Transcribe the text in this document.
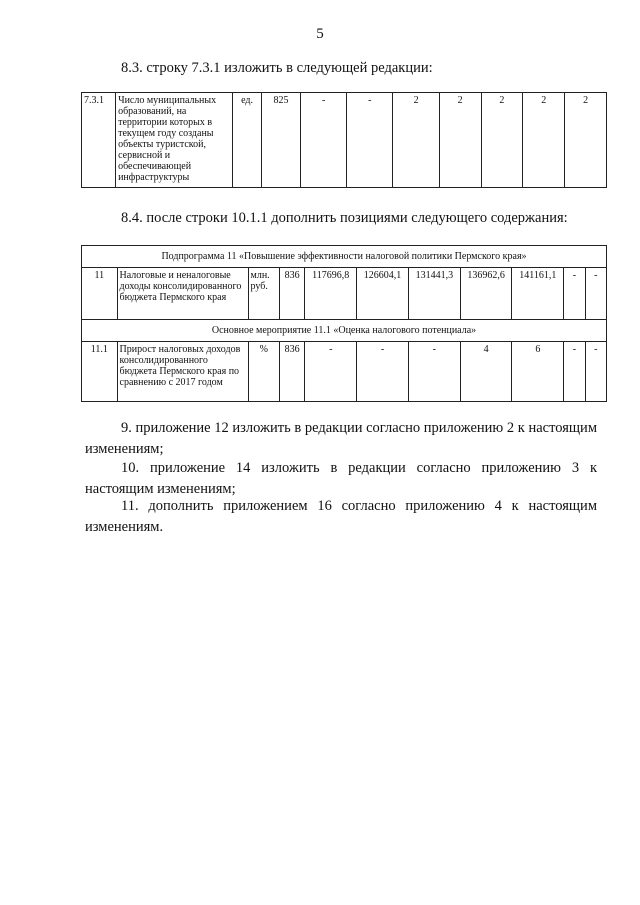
5
8.3. строку 7.3.1 изложить в следующей редакции:
7.3.1	Число муниципальных образований, на территории которых в текущем году созданы объекты туристской, сервисной и обеспечивающей инфраструктуры	ед.	825	-	-	2	2	2	2	2
8.4. после строки 10.1.1 дополнить позициями следующего содержания:
Подпрограмма 11 «Повышение эффективности налоговой политики Пермского края»										
11	Налоговые и неналоговые доходы консолидированного бюджета Пермского края	млн. руб.	836	117696,8	126604,1	131441,3	136962,6	141161,1	-	-
Основное мероприятие 11.1 «Оценка налогового потенциала»										
11.1	Прирост налоговых доходов консолидированного бюджета Пермского края по сравнению с 2017 годом	%	836	-	-	-	4	6	-	-
9. приложение 12 изложить в редакции согласно приложению 2 к настоящим изменениям;
10. приложение 14 изложить в редакции согласно приложению 3 к настоящим изменениям;
11. дополнить приложением 16 согласно приложению 4 к настоящим изменениям.
